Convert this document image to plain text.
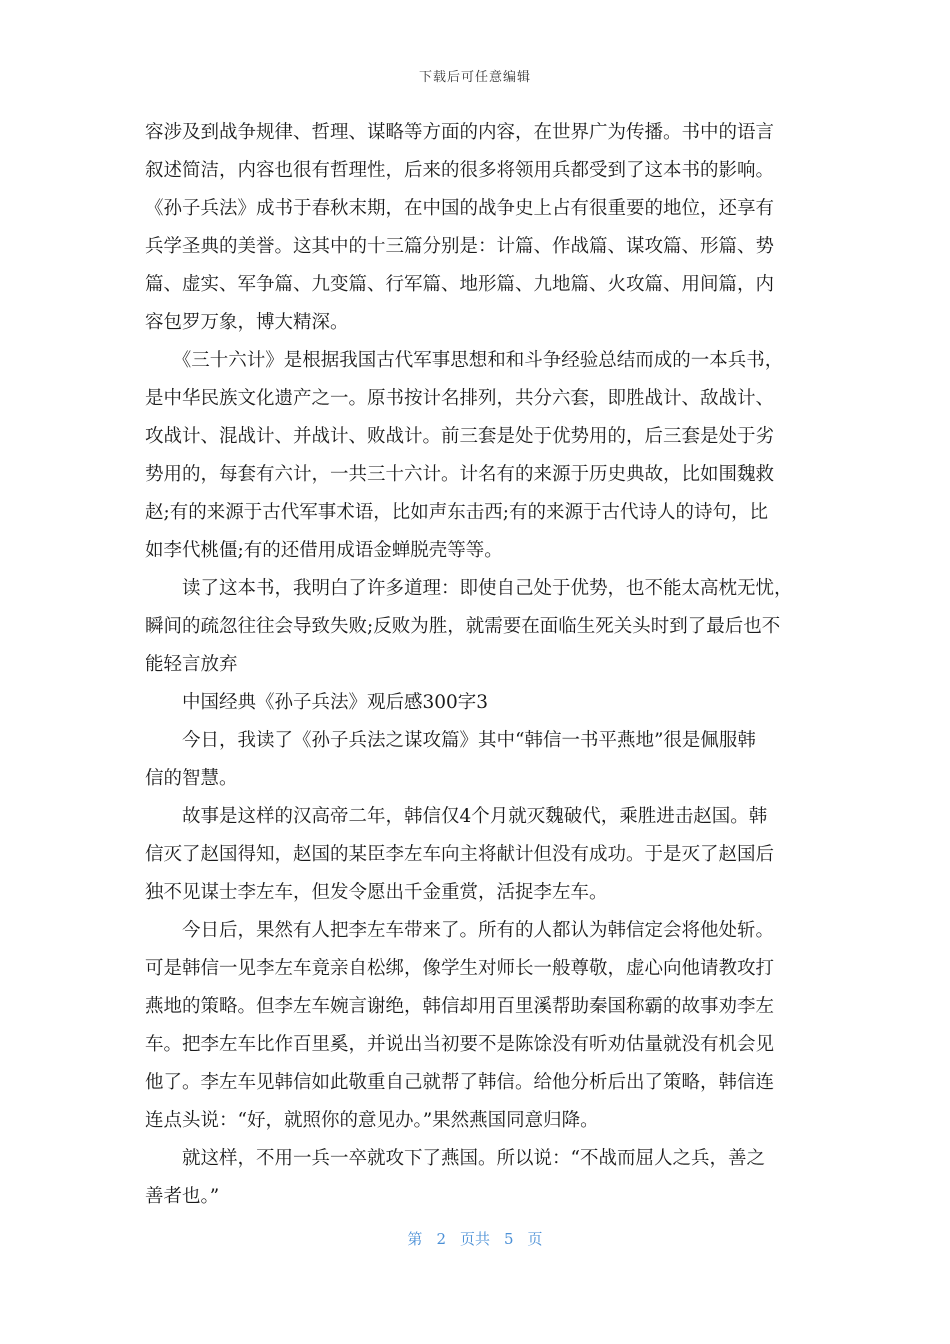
下载后可任意编辑
容涉及到战争规律、哲理、谋略等方面的内容，在世界广为传播。书中的语言
叙述简洁，内容也很有哲理性，后来的很多将领用兵都受到了这本书的影响。
《孙子兵法》成书于春秋末期，在中国的战争史上占有很重要的地位，还享有
兵学圣典的美誉。这其中的十三篇分别是：计篇、作战篇、谋攻篇、形篇、势
篇、虚实、军争篇、九变篇、行军篇、地形篇、九地篇、火攻篇、用间篇，内
容包罗万象，博大精深。
　　《三十六计》是根据我国古代军事思想和和斗争经验总结而成的一本兵书，
是中华民族文化遗产之一。原书按计名排列，共分六套，即胜战计、敌战计、
攻战计、混战计、并战计、败战计。前三套是处于优势用的，后三套是处于劣
势用的，每套有六计，一共三十六计。计名有的来源于历史典故，比如围魏救
赵;有的来源于古代军事术语，比如声东击西;有的来源于古代诗人的诗句，比
如李代桃僵;有的还借用成语金蝉脱壳等等。
　　读了这本书，我明白了许多道理：即使自己处于优势，也不能太高枕无忧，
瞬间的疏忽往往会导致失败;反败为胜，就需要在面临生死关头时到了最后也不
能轻言放弃
　　中国经典《孙子兵法》观后感300字3
　　今日，我读了《孙子兵法之谋攻篇》其中“韩信一书平燕地”很是佩服韩
信的智慧。
　　故事是这样的汉高帝二年，韩信仅4个月就灭魏破代，乘胜进击赵国。韩
信灭了赵国得知，赵国的某臣李左车向主将献计但没有成功。于是灭了赵国后
独不见谋士李左车，但发令愿出千金重赏，活捉李左车。
　　今日后，果然有人把李左车带来了。所有的人都认为韩信定会将他处斩。
可是韩信一见李左车竟亲自松绑，像学生对师长一般尊敬，虚心向他请教攻打
燕地的策略。但李左车婉言谢绝，韩信却用百里溪帮助秦国称霸的故事劝李左
车。把李左车比作百里奚，并说出当初要不是陈馀没有听劝估量就没有机会见
他了。李左车见韩信如此敬重自己就帮了韩信。给他分析后出了策略，韩信连
连点头说：“好，就照你的意见办。”果然燕国同意归降。
　　就这样，不用一兵一卒就攻下了燕国。所以说：“不战而屈人之兵，善之
善者也。”
第 2 页共 5 页
